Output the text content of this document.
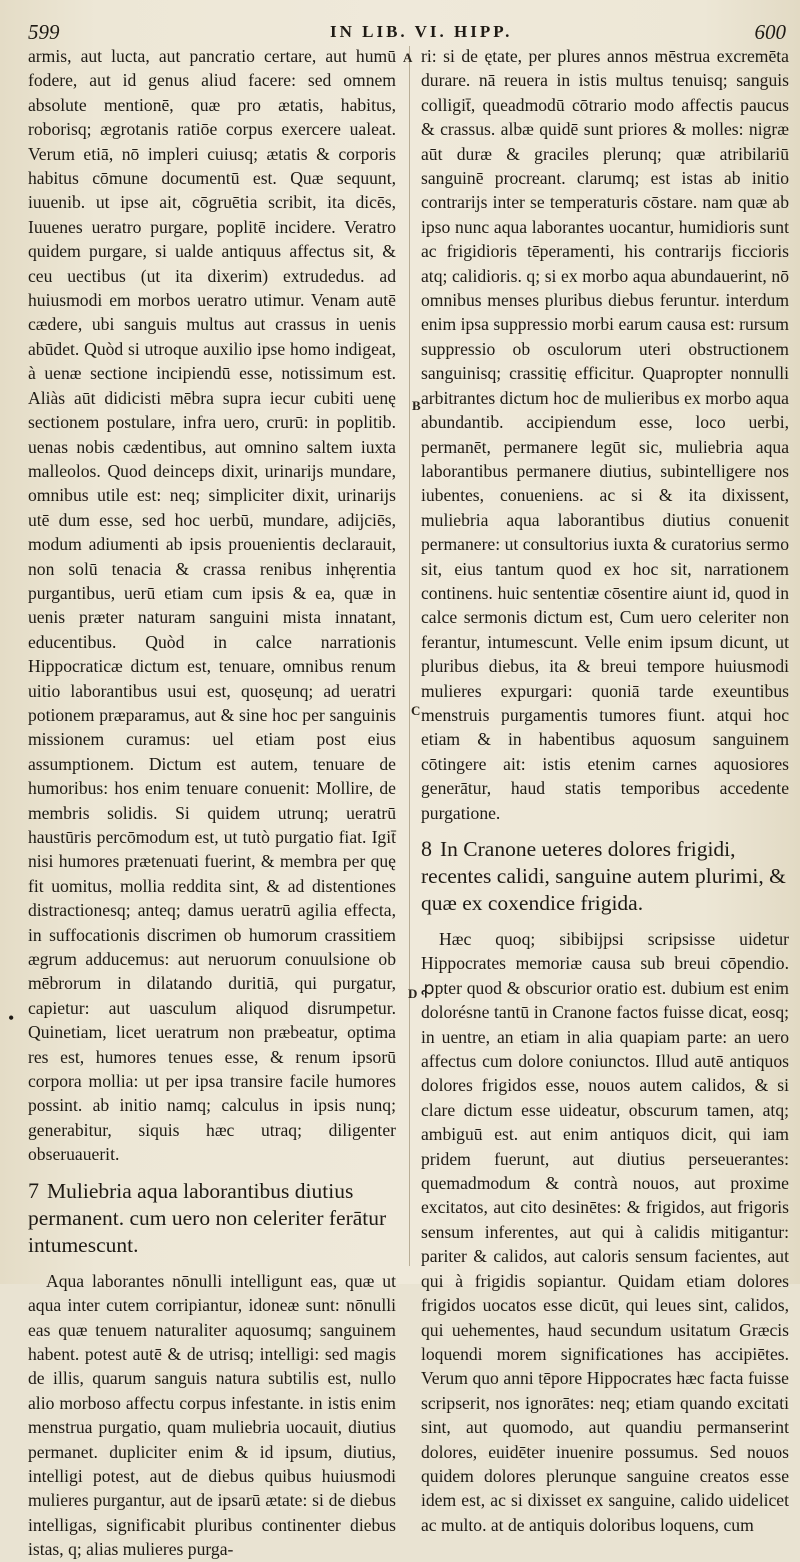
599	IN LIB. VI. HIPP.	600
A
B
C
D
•

armis, aut lucta, aut pancratio certare, aut humū fodere, aut id genus aliud facere: sed omnem absolute mentionē, quæ pro ætatis, habitus, roborisq; ægrotanis ratiōe corpus exercere ualeat. Verum etiā, nō impleri cuiusq; ætatis & corporis habitus cōmune documentū est. Quæ sequunt, iuuenib. ut ipse ait, cōgruētia scribit, ita dicēs, Iuuenes ueratro purgare, poplitē incidere. Veratro quidem purgare, si ualde antiquus affectus sit, & ceu uectibus (ut ita dixerim) extrudedus. ad huiusmodi em morbos ueratro utimur. Venam autē cædere, ubi sanguis multus aut crassus in uenis abūdet. Quòd si utroque auxilio ipse homo indigeat, à uenæ sectione incipiendū esse, notissimum est. Aliàs aūt didicisti mēbra supra iecur cubiti uenę sectionem postulare, infra uero, crurū: in poplitib. uenas nobis cædentibus, aut omnino saltem iuxta malleolos. Quod deinceps dixit, urinarijs mundare, omnibus utile est: neq; simpliciter dixit, urinarijs utē dum esse, sed hoc uerbū, mundare, adijciēs, modum adiumenti ab ipsis prouenientis declarauit, non solū tenacia & crassa renibus inhęrentia purgantibus, uerū etiam cum ipsis & ea, quæ in uenis præter naturam sanguini mista innatant, educentibus. Quòd in calce narrationis Hippocraticæ dictum est, tenuare, omnibus renum uitio laborantibus usui est, quosęunq; ad ueratri potionem præparamus, aut & sine hoc per sanguinis missionem curamus: uel etiam post eius assumptionem. Dictum est autem, tenuare de humoribus: hos enim tenuare conuenit: Mollire, de membris solidis. Si quidem utrunq; ueratrū haustūris percōmodum est, ut tutò purgatio fiat. Igit̄ nisi humores prætenuati fuerint, & membra per quę fit uomitus, mollia reddita sint, & ad distentiones distractionesq; anteq; damus ueratrū agilia effecta, in suffocationis discrimen ob humorum crassitiem ægrum adducemus: aut neruorum conuulsione ob mēbrorum in dilatando duritiā, qui purgatur, capietur: aut uasculum aliquod disrumpetur. Quinetiam, licet ueratrum non præbeatur, optima res est, humores tenues esse, & renum ipsorū corpora mollia: ut per ipsa transire facile humores possint. ab initio namq; calculus in ipsis nunq; generabitur, siquis hæc utraq; diligenter obseruauerit.

7 Muliebria aqua laborantibus diutius permanent. cum uero non celeriter ferātur intumescunt.

Aqua laborantes nōnulli intelligunt eas, quæ ut aqua inter cutem corripiantur, idoneæ sunt: nōnulli eas quæ tenuem naturaliter aquosumq; sanguinem habent. potest autē & de utrisq; intelligi: sed magis de illis, quarum sanguis natura subtilis est, nullo alio morboso affectu corpus infestante. in istis enim menstrua purgatio, quam muliebria uocauit, diutius permanet. dupliciter enim & id ipsum, diutius, intelligi potest, aut de diebus quibus huiusmodi mulieres purgantur, aut de ipsarū ætate: si de diebus intelligas, significabit pluribus continenter diebus istas, q; alias mulieres purga-

ri: si de ętate, per plures annos mēstrua excremēta durare. nā reuera in istis multus tenuisq; sanguis colligit̄, queadmodū cōtrario modo affectis paucus & crassus. albæ quidē sunt priores & molles: nigræ aūt duræ & graciles plerunq; quæ atribilariū sanguinē procreant. clarumq; est istas ab initio contrarijs inter se temperaturis cōstare. nam quæ ab ipso nunc aqua laborantes uocantur, humidioris sunt ac frigidioris tēperamenti, his contrarijs ficcioris atq; calidioris. q; si ex morbo aqua abundauerint, nō omnibus menses pluribus diebus feruntur. interdum enim ipsa suppressio morbi earum causa est: rursum suppressio ob osculorum uteri obstructionem sanguinisq; crassitię efficitur. Quapropter nonnulli arbitrantes dictum hoc de mulieribus ex morbo aqua abundantib. accipiendum esse, loco uerbi, permanēt, permanere legūt sic, muliebria aqua laborantibus permanere diutius, subintelligere nos iubentes, conueniens. ac si & ita dixissent, muliebria aqua laborantibus diutius conuenit permanere: ut consultorius iuxta & curatorius sermo sit, eius tantum quod ex hoc sit, narrationem continens. huic sententiæ cōsentire aiunt id, quod in calce sermonis dictum est, Cum uero celeriter non ferantur, intumescunt. Velle enim ipsum dicunt, ut pluribus diebus, ita & breui tempore huiusmodi mulieres expurgari: quoniā tarde exeuntibus menstruis purgamentis tumores fiunt. atqui hoc etiam & in habentibus aquosum sanguinem cōtingere ait: istis etenim carnes aquosiores generātur, haud statis temporibus accedente purgatione.

8 In Cranone ueteres dolores frigidi, recentes calidi, sanguine autem plurimi, & quæ ex coxendice frigida.

Hæc quoq; sibibijpsi scripsisse uidetur Hippocrates memoriæ causa sub breui cōpendio. ꝓpter quod & obscurior oratio est. dubium est enim dolorésne tantū in Cranone factos fuisse dicat, eosq; in uentre, an etiam in alia quapiam parte: an uero affectus cum dolore coniunctos. Illud autē antiquos dolores frigidos esse, nouos autem calidos, & si clare dictum esse uideatur, obscurum tamen, atq; ambiguū est. aut enim antiquos dicit, qui iam pridem fuerunt, aut diutius perseuerantes: quemadmodum & contrà nouos, aut proxime excitatos, aut cito desinētes: & frigidos, aut frigoris sensum inferentes, aut qui à calidis mitigantur: pariter & calidos, aut caloris sensum facientes, aut qui à frigidis sopiantur. Quidam etiam dolores frigidos uocatos esse dicūt, qui leues sint, calidos, qui uehementes, haud secundum usitatum Græcis loquendi morem significationes has accipiētes. Verum quo anni tēpore Hippocrates hæc facta fuisse scripserit, nos ignorātes: neq; etiam quando excitati sint, aut quomodo, aut quandiu permanserint dolores, euidēter inuenire possumus. Sed nouos quidem dolores plerunque sanguine creatos esse idem est, ac si dixisset ex sanguine, calido uidelicet ac multo. at de antiquis doloribus loquens, cum
